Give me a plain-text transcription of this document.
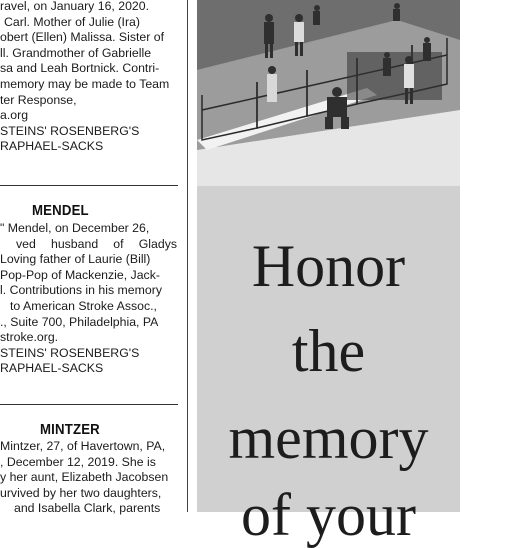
ravel, on January 16, 2020.
Carl. Mother of Julie (Ira)
obert (Ellen) Malissa. Sister of
ll. Grandmother of Gabrielle
sa and Leah Bortnick. Contri-
memory may be made to Team
ter Response,
a.org
STEINS' ROSENBERG'S
RAPHAEL-SACKS
MENDEL
" Mendel, on December 26,
ved husband of Gladys
Loving father of Laurie (Bill)
Pop-Pop of Mackenzie, Jack-
l. Contributions in his memory
to American Stroke Assoc.,
., Suite 700, Philadelphia, PA
stroke.org.
STEINS' ROSENBERG'S
RAPHAEL-SACKS
MINTZER
Mintzer, 27, of Havertown, PA,
, December 12, 2019. She is
y her aunt, Elizabeth Jacobsen
urvived by her two daughters,
and Isabella Clark, parents
Honor
the
memory
of your
